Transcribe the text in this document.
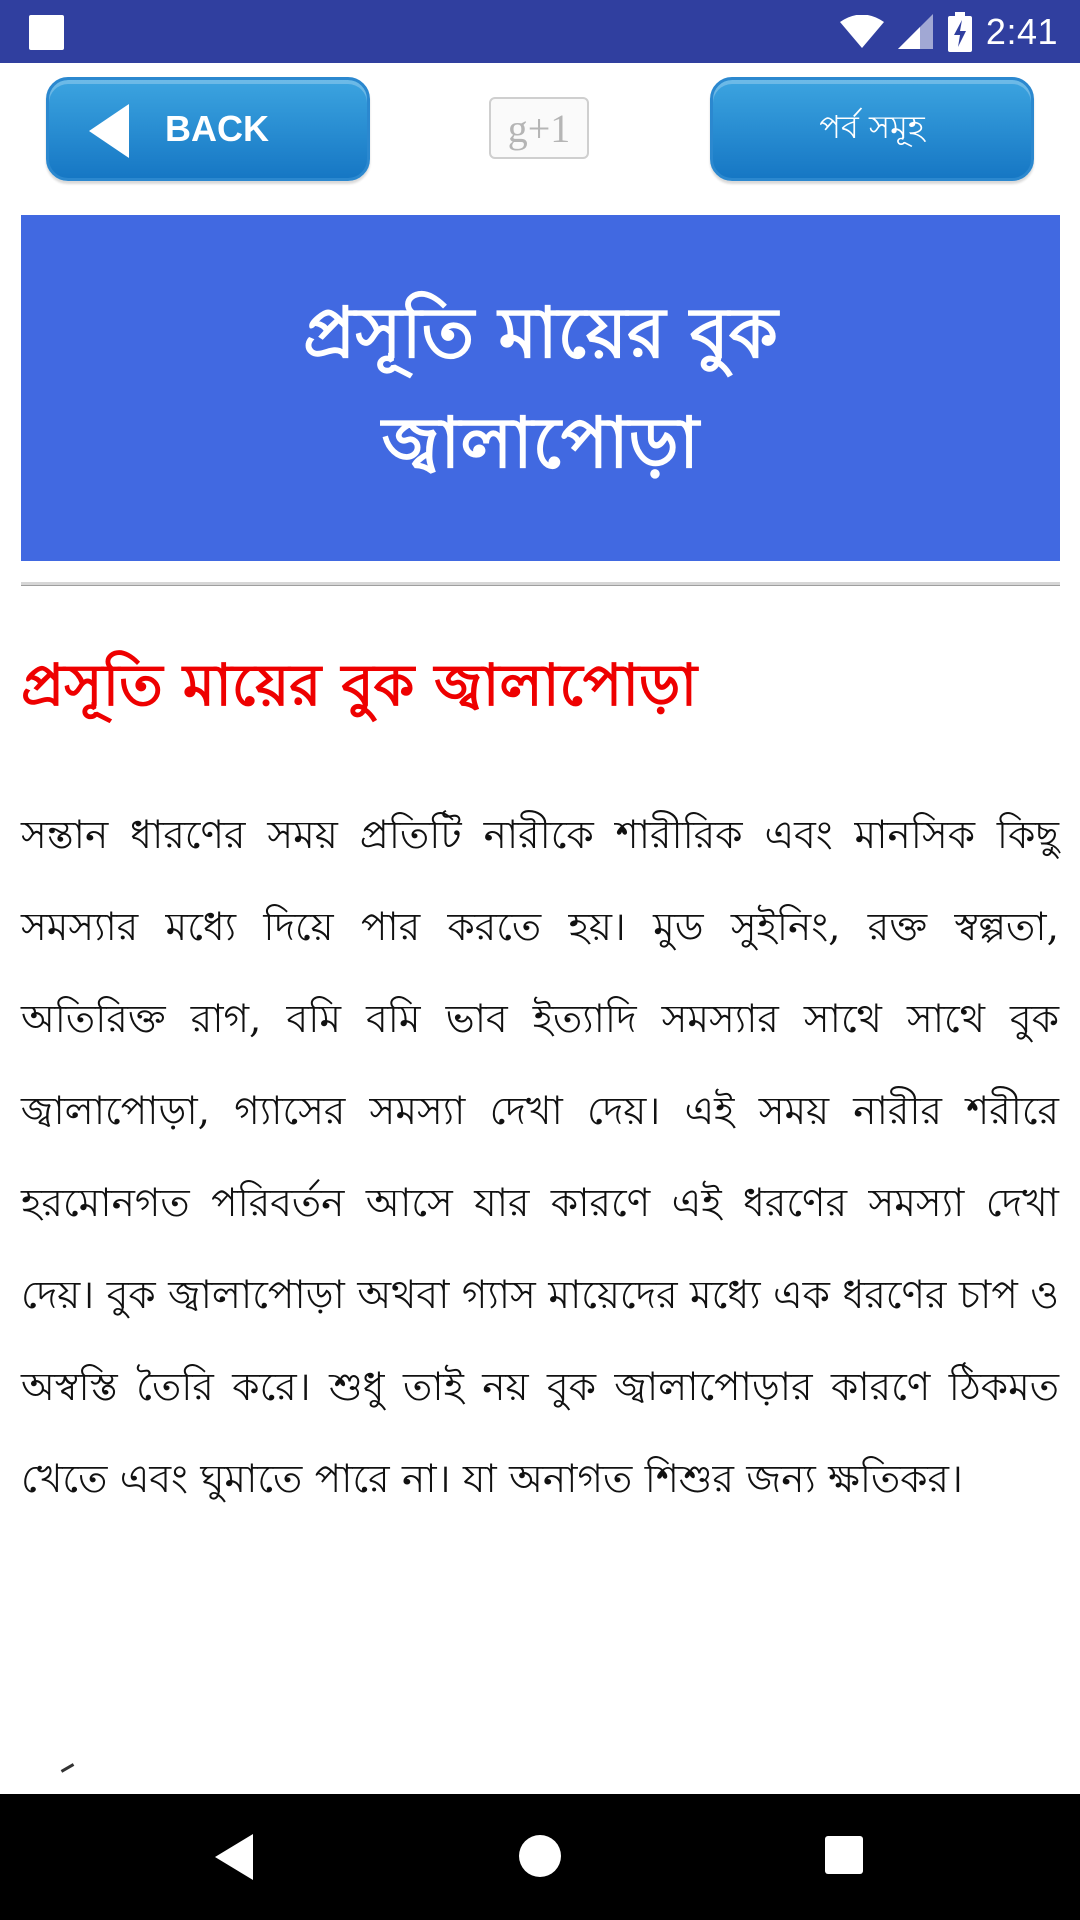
2:41
BACK	g+1	পর্ব সমূহ
প্রসূতি মায়ের বুক জ্বালাপোড়া
প্রসূতি মায়ের বুক জ্বালাপোড়া
সন্তান ধারণের সময় প্রতিটি নারীকে শারীরিক এবং মানসিক কিছু সমস্যার মধ্যে দিয়ে পার করতে হয়। মুড সুইনিং, রক্ত স্বল্পতা, অতিরিক্ত রাগ, বমি বমি ভাব ইত্যাদি সমস্যার সাথে সাথে বুক জ্বালাপোড়া, গ্যাসের সমস্যা দেখা দেয়। এই সময় নারীর শরীরে হরমোনগত পরিবর্তন আসে যার কারণে এই ধরণের সমস্যা দেখা দেয়। বুক জ্বালাপোড়া অথবা গ্যাস মায়েদের মধ্যে এক ধরণের চাপ ও অস্বস্তি তৈরি করে। শুধু তাই নয় বুক জ্বালাপোড়ার কারণে ঠিকমত খেতে এবং ঘুমাতে পারে না। যা অনাগত শিশুর জন্য ক্ষতিকর।
